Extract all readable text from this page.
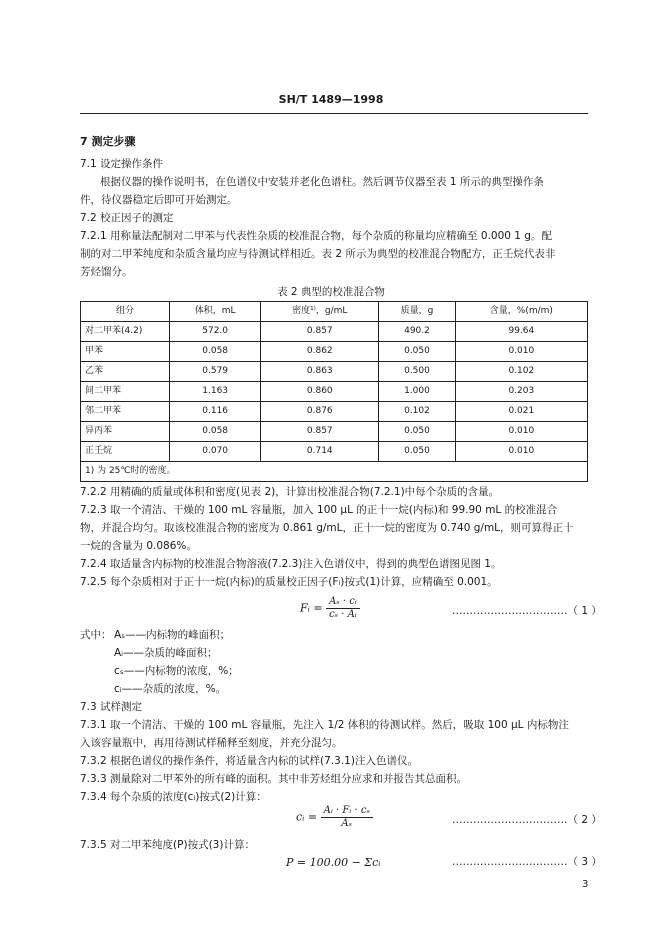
SH/T 1489—1998
7 测定步骤
7.1 设定操作条件
根据仪器的操作说明书，在色谱仪中安装并老化色谱柱。然后调节仪器至表 1 所示的典型操作条
件，待仪器稳定后即可开始测定。
7.2 校正因子的测定
7.2.1 用称量法配制对二甲苯与代表性杂质的校准混合物，每个杂质的称量均应精确至 0.000 1 g。配
制的对二甲苯纯度和杂质含量均应与待测试样相近。表 2 所示为典型的校准混合物配方，正壬烷代表非
芳烃馏分。
表 2 典型的校准混合物
组分	体积，mL	密度¹⁾，g/mL	质量，g	含量，%(m/m)
对二甲苯(4.2)	572.0	0.857	490.2	99.64
甲苯	0.058	0.862	0.050	0.010
乙苯	0.579	0.863	0.500	0.102
间二甲苯	1.163	0.860	1.000	0.203
邻二甲苯	0.116	0.876	0.102	0.021
异丙苯	0.058	0.857	0.050	0.010
正壬烷	0.070	0.714	0.050	0.010
1) 为 25℃时的密度。				
7.2.2 用精确的质量或体积和密度(见表 2)，计算出校准混合物(7.2.1)中每个杂质的含量。
7.2.3 取一个清洁、干燥的 100 mL 容量瓶，加入 100 μL 的正十一烷(内标)和 99.90 mL 的校准混合
物，并混合均匀。取该校准混合物的密度为 0.861 g/mL，正十一烷的密度为 0.740 g/mL，则可算得正十
一烷的含量为 0.086%。
7.2.4 取适量含内标物的校准混合物溶液(7.2.3)注入色谱仪中，得到的典型色谱图见图 1。
7.2.5 每个杂质相对于正十一烷(内标)的质量校正因子(Fᵢ)按式(1)计算，应精确至 0.001。
Fᵢ = $\frac{\text{Aₛ · cᵢ}}{\text{cₛ · Aᵢ}}$	……………………………（ 1 ）
式中： Aₛ——内标物的峰面积；
Aᵢ——杂质的峰面积；
cₛ——内标物的浓度，%；
cᵢ——杂质的浓度，%。
7.3 试样测定
7.3.1 取一个清洁、干燥的 100 mL 容量瓶，先注入 1/2 体积的待测试样。然后，吸取 100 μL 内标物注
入该容量瓶中，再用待测试样稀释至刻度，并充分混匀。
7.3.2 根据色谱仪的操作条件，将适量含内标的试样(7.3.1)注入色谱仪。
7.3.3 测量除对二甲苯外的所有峰的面积。其中非芳烃组分应求和并报告其总面积。
7.3.4 每个杂质的浓度(cᵢ)按式(2)计算：
cᵢ = $\frac{\text{Aᵢ · Fᵢ · cₛ}}{\text{Aₛ}}$	……………………………（ 2 ）
7.3.5 对二甲苯纯度(P)按式(3)计算：
P = 100.00 − Σcᵢ	……………………………（ 3 ）
3
